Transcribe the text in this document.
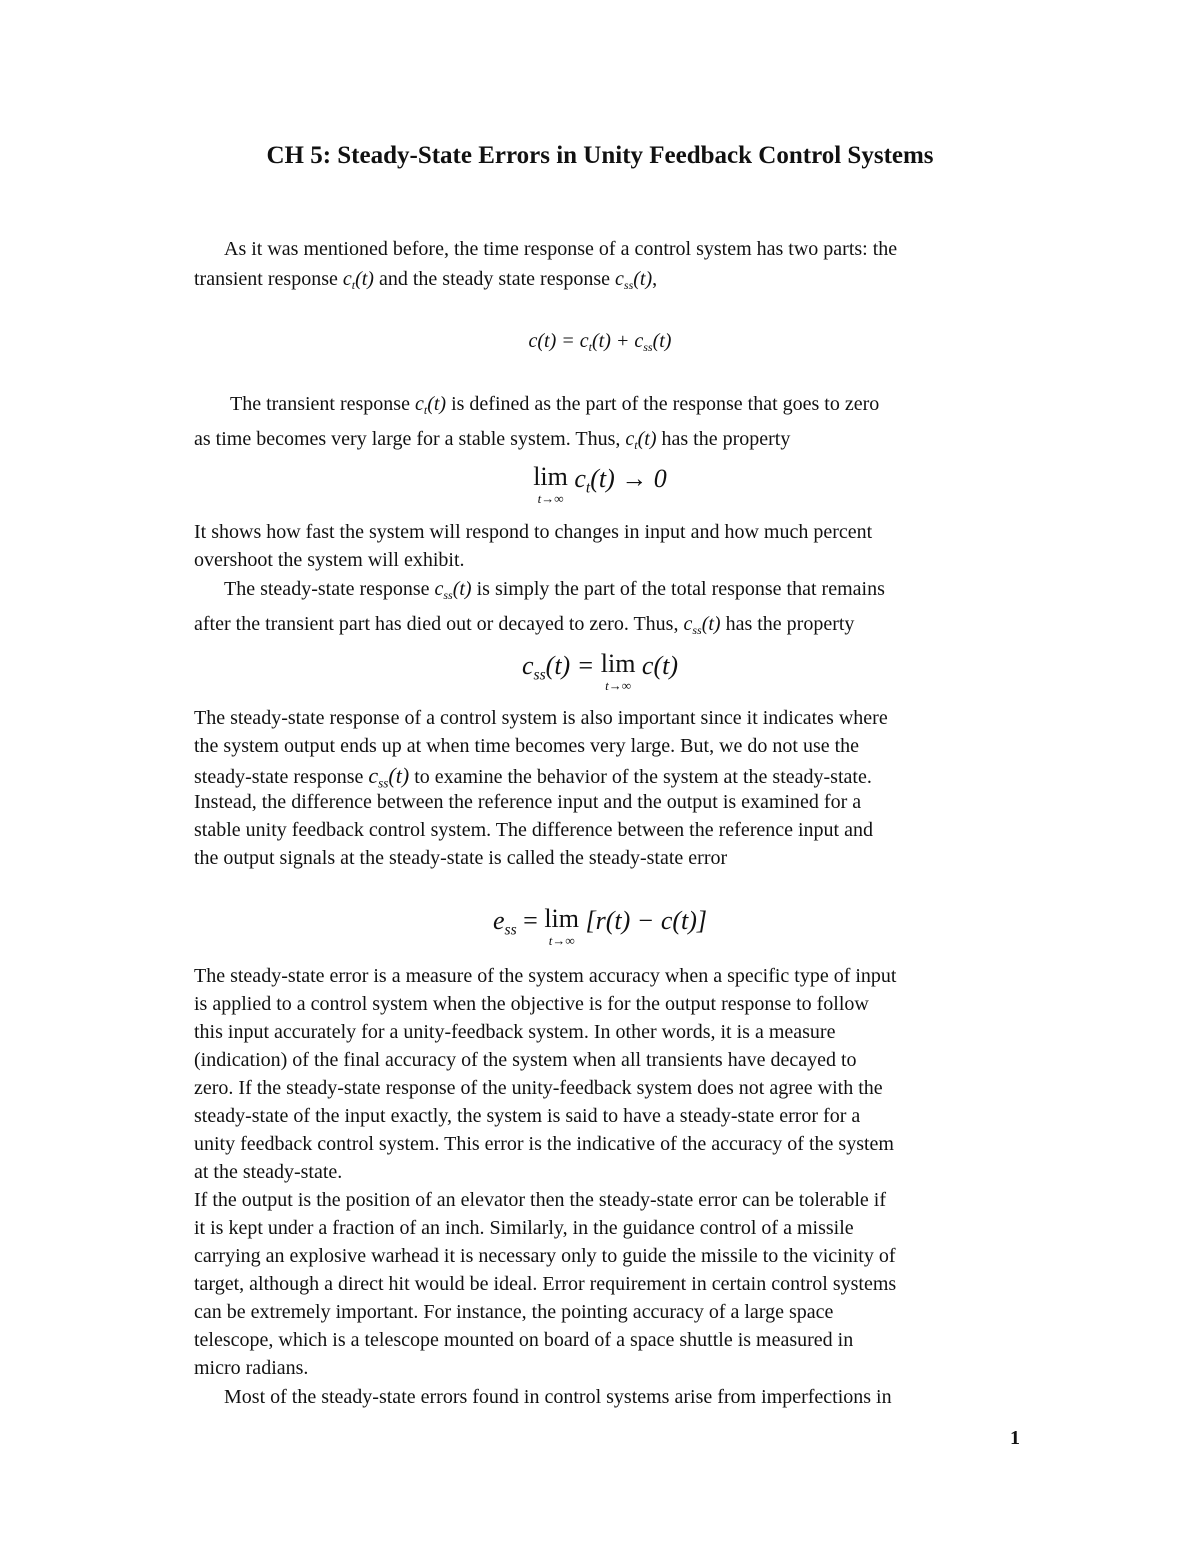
CH 5: Steady-State Errors in Unity Feedback Control Systems
As it was mentioned before, the time response of a control system has two parts: the
transient response $c_t(t)$ and the steady state response $c_{ss}(t)$,
$c(t) = c_t(t) + c_{ss}(t)$
The transient response $c_t(t)$ is defined as the part of the response that goes to zero
as time becomes very large for a stable system. Thus, $c_t(t)$ has the property
lim
t→∞
$c_t(t) \to 0$
It shows how fast the system will respond to changes in input and how much percent
overshoot the system will exhibit.
The steady-state response $c_{ss}(t)$ is simply the part of the total response that remains
after the transient part has died out or decayed to zero. Thus, $c_{ss}(t)$ has the property
$c_{ss}(t) = \lim$
t→∞
c(t)
The steady-state response of a control system is also important since it indicates where
the system output ends up at when time becomes very large. But, we do not use the
steady-state response $c_{ss}(t)$ to examine the behavior of the system at the steady-state.
Instead, the difference between the reference input and the output is examined for a
stable unity feedback control system. The difference between the reference input and
the output signals at the steady-state is called the steady-state error
$e_{ss} = \lim$
t→∞
[r(t) − c(t)]
The steady-state error is a measure of the system accuracy when a specific type of input
is applied to a control system when the objective is for the output response to follow
this input accurately for a unity-feedback system. In other words, it is a measure
(indication) of the final accuracy of the system when all transients have decayed to
zero. If the steady-state response of the unity-feedback system does not agree with the
steady-state of the input exactly, the system is said to have a steady-state error for a
unity feedback control system. This error is the indicative of the accuracy of the system
at the steady-state.
If the output is the position of an elevator then the steady-state error can be tolerable if
it is kept under a fraction of an inch. Similarly, in the guidance control of a missile
carrying an explosive warhead it is necessary only to guide the missile to the vicinity of
target, although a direct hit would be ideal. Error requirement in certain control systems
can be extremely important. For instance, the pointing accuracy of a large space
telescope, which is a telescope mounted on board of a space shuttle is measured in
micro radians.
Most of the steady-state errors found in control systems arise from imperfections in
1
